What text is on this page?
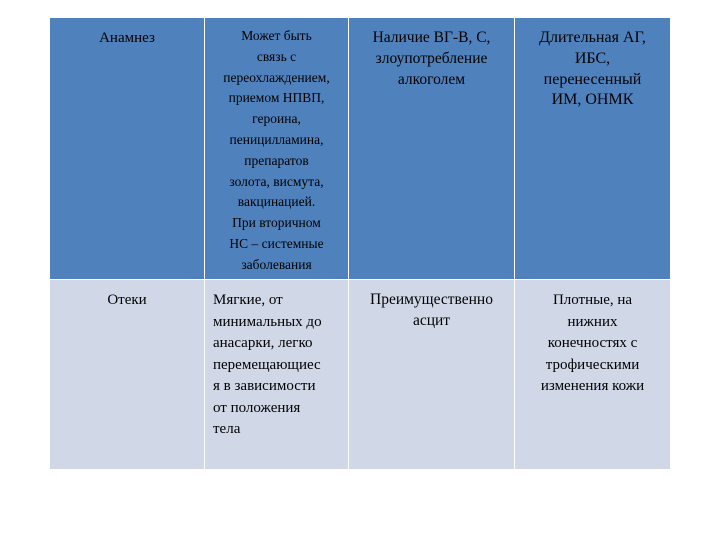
Анамнез	Может быть
связь с
переохлаждением,
приемом НПВП,
героина,
пеницилламина,
препаратов
золота, висмута,
вакцинацией.
При вторичном
НС – системные
заболевания
Наличие ВГ-В, С,
злоупотребление
алкоголем
Длительная АГ,
ИБС,
перенесенный
ИМ, ОНМК
Отеки	Мягкие, от
минимальных до
анасарки, легко
перемещающиес
я в зависимости
от положения
тела
Преимущественно
асцит
Плотные, на
нижних
конечностях с
трофическими
изменения кожи
